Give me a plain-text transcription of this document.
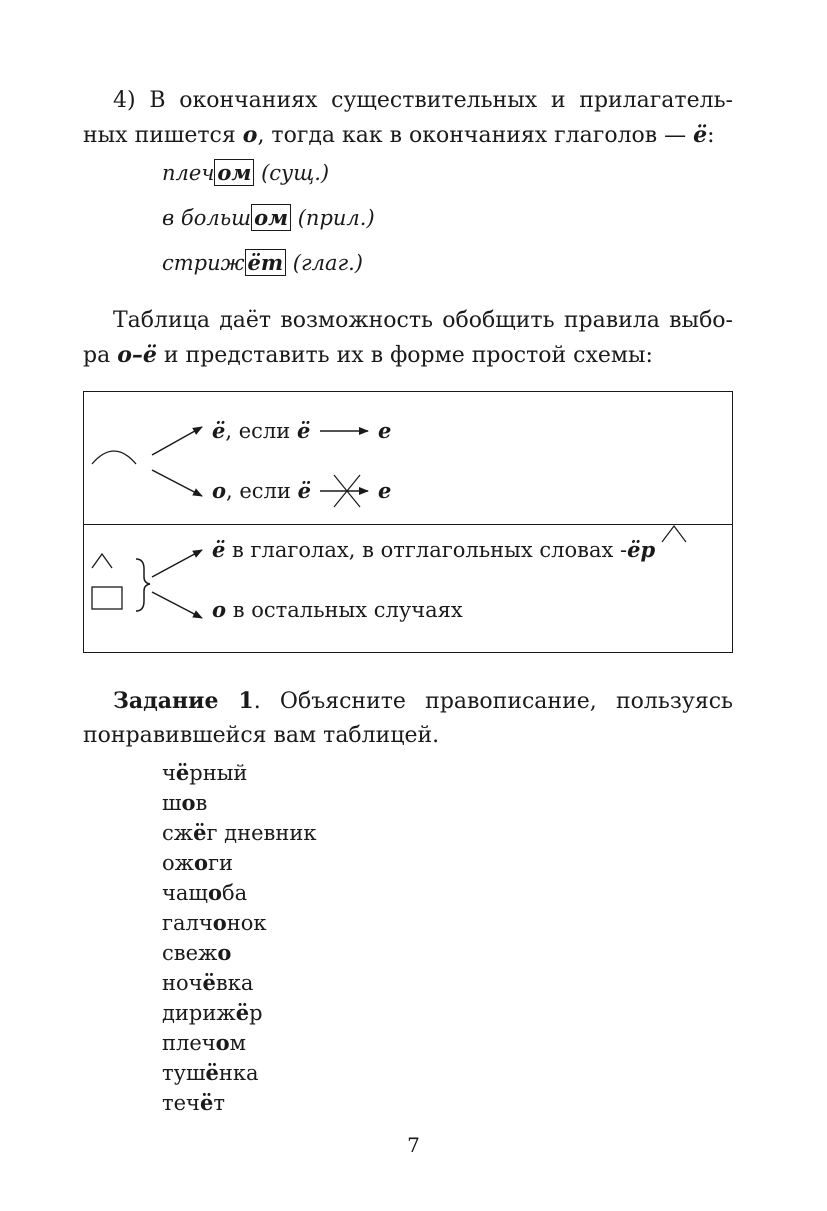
4) В окончаниях существительных и прилагатель-
ных пишется о, тогда как в окончаниях глаголов — ё:
плеч ом (сущ.)
в больш ом (прил.)
стриж ёт (глаг.)
Таблица даёт возможность обобщить правила выбо-
ра о–ё и представить их в форме простой схемы:
ё, если ё	е
о, если ё	е
ё в глаголах, в отглагольных словах -ёр
о в остальных случаях
Задание 1. Объясните правописание, пользуясь
понравившейся вам таблицей.
чёрный
шов
сжёг дневник
ожоги
чащоба
галчонок
свежо
ночёвка
дирижёр
плечом
тушёнка
течёт
7
